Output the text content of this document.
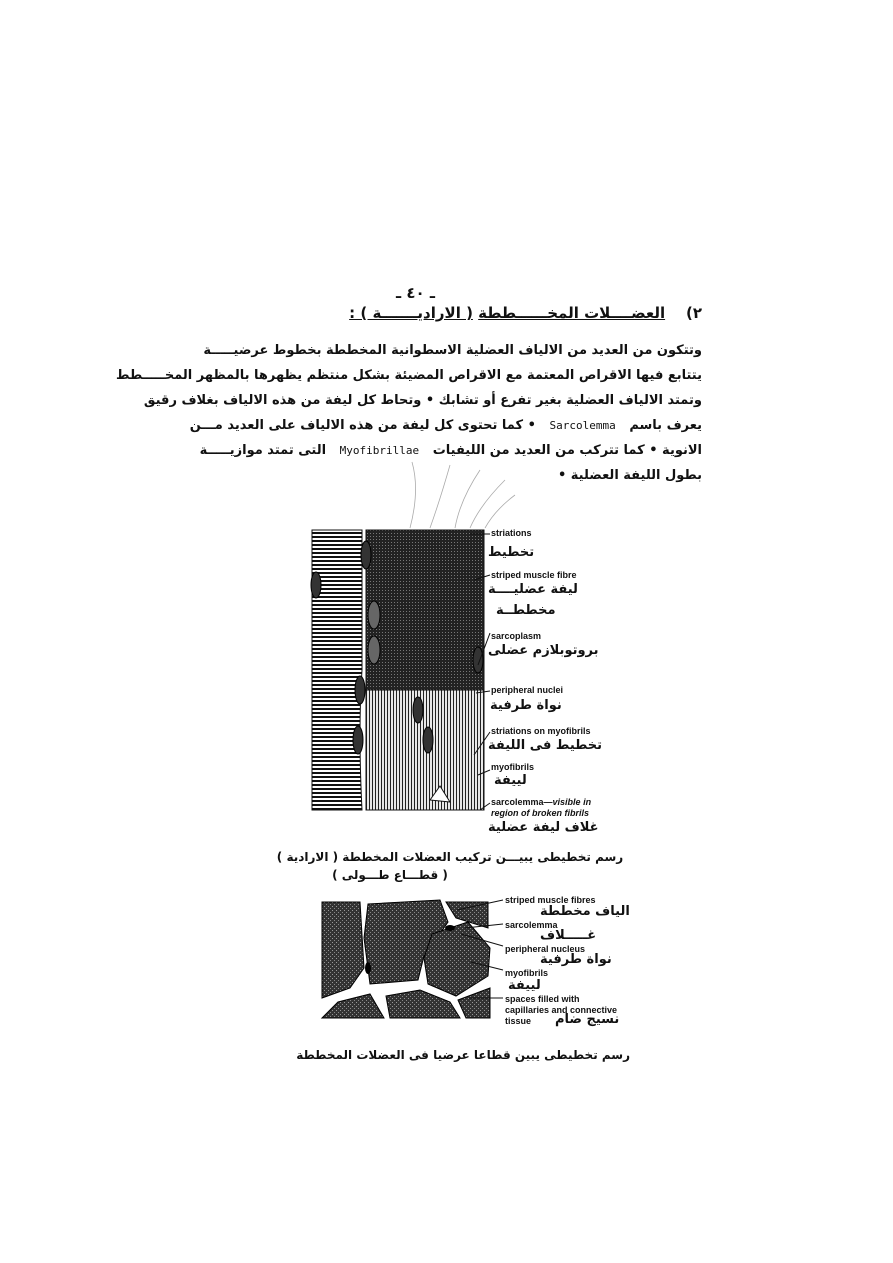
ـ ٤٠ ـ
٢)    العضــــلات المخــــــططة ( الاراديـــــــة ) :
وتتكون من العديد من الالياف العضلية الاسطوانية المخططة بخطوط عرضيـــــة
يتتابع فيها الاقراص المعتمة مع الاقراص المضيئة بشكل منتظم يظهرها بالمظهر المخـــــطط
وتمتد الالياف العضلية بغير تفرع أو تشابك • وتحاط كل ليفة من هذه الالياف بغلاف رقيق
يعرف باسم   Sarcolemma   • كما تحتوى كل ليفة من هذه الالياف على العديد مـــن
الانوية • كما تتركب من العديد من الليفيات   Myofibrillae   التى تمتد موازيـــــة
بطول الليفة العضلية •
striations
تخطيط
striped muscle fibre
ليفة عضليــــة
مخططــة
sarcoplasm
بروتوبلازم عضلى
peripheral nuclei
نواة طرفية
striations on myofibrils
تخطيط فى الليفة
myofibrils
لييفة
sarcolemma—visible in
region of broken fibrils
غلاف ليفة عضلية
رسم تخطيطى يبيـــن تركيب العضلات المخططة ( الارادية )
( قطـــاع طـــولى )
striped muscle fibres
الياف مخططة
sarcolemma
غـــــلاف
peripheral nucleus
نواة طرفية
myofibrils
لييفة
spaces filled with
capillaries and connective
tissue نسيج ضام
رسم تخطيطى يبين قطاعا عرضيا فى العضلات المخططة
